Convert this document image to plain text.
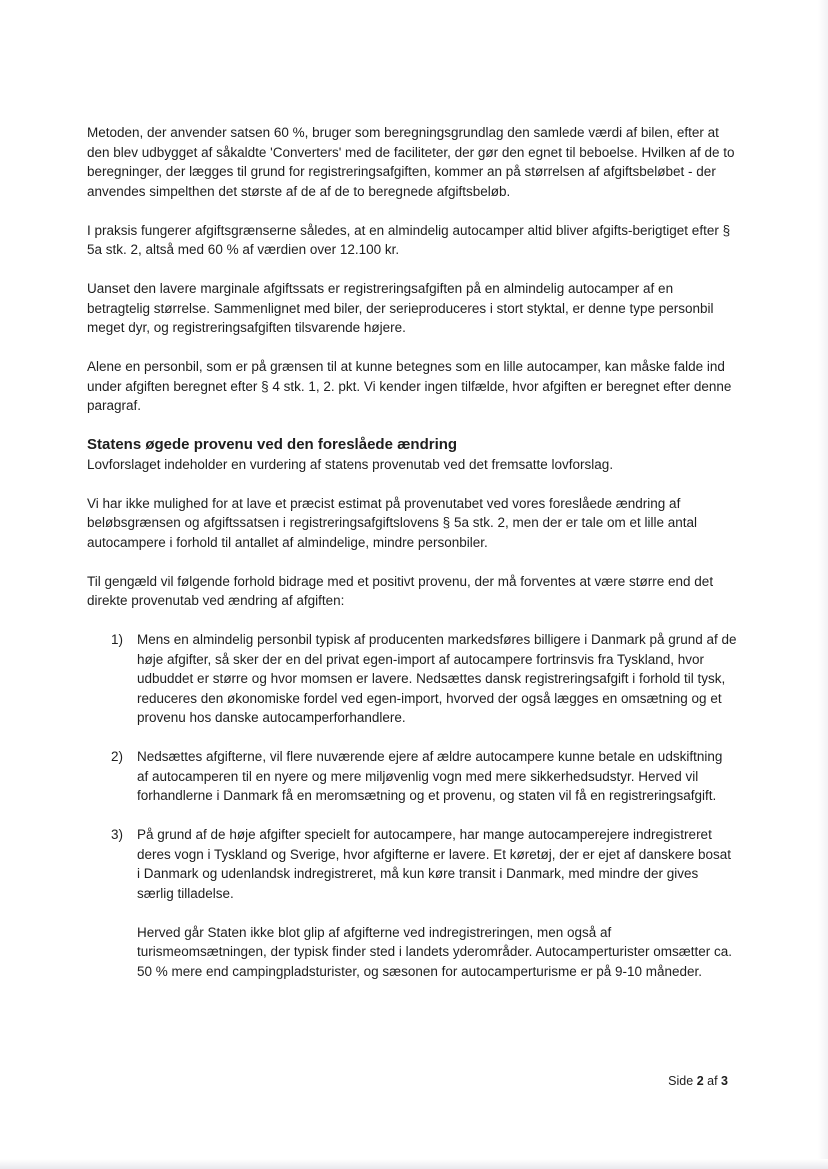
Metoden, der anvender satsen 60 %, bruger som beregningsgrundlag den samlede værdi af bilen, efter at den blev udbygget af såkaldte 'Converters' med de faciliteter, der gør den egnet til beboelse. Hvilken af de to beregninger, der lægges til grund for registreringsafgiften, kommer an på størrelsen af afgiftsbeløbet - der anvendes simpelthen det største af de af de to beregnede afgiftsbeløb.

I praksis fungerer afgiftsgrænserne således, at en almindelig autocamper altid bliver afgifts-berigtiget efter § 5a stk. 2, altså med 60 % af værdien over 12.100 kr.

Uanset den lavere marginale afgiftssats er registreringsafgiften på en almindelig autocamper af en betragtelig størrelse. Sammenlignet med biler, der serieproduceres i stort styktal, er denne type personbil meget dyr, og registreringsafgiften tilsvarende højere.

Alene en personbil, som er på grænsen til at kunne betegnes som en lille autocamper, kan måske falde ind under afgiften beregnet efter § 4 stk. 1, 2. pkt. Vi kender ingen tilfælde, hvor afgiften er beregnet efter denne paragraf.

Statens øgede provenu ved den foreslåede ændring

Lovforslaget indeholder en vurdering af statens provenutab ved det fremsatte lovforslag.

Vi har ikke mulighed for at lave et præcist estimat på provenutabet ved vores foreslåede ændring af beløbsgrænsen og afgiftssatsen i registreringsafgiftslovens § 5a stk. 2, men der er tale om et lille antal autocampere i forhold til antallet af almindelige, mindre personbiler.

Til gengæld vil følgende forhold bidrage med et positivt provenu, der må forventes at være større end det direkte provenutab ved ændring af afgiften:

1) Mens en almindelig personbil typisk af producenten markedsføres billigere i Danmark på grund af de høje afgifter, så sker der en del privat egen-import af autocampere fortrinsvis fra Tyskland, hvor udbuddet er større og hvor momsen er lavere. Nedsættes dansk registreringsafgift i forhold til tysk, reduceres den økonomiske fordel ved egen-import, hvorved der også lægges en omsætning og et provenu hos danske autocamperforhandlere.
2) Nedsættes afgifterne, vil flere nuværende ejere af ældre autocampere kunne betale en udskiftning af autocamperen til en nyere og mere miljøvenlig vogn med mere sikkerhedsudstyr. Herved vil forhandlerne i Danmark få en meromsætning og et provenu, og staten vil få en registreringsafgift.
3) På grund af de høje afgifter specielt for autocampere, har mange autocamperejere indregistreret deres vogn i Tyskland og Sverige, hvor afgifterne er lavere. Et køretøj, der er ejet af danskere bosat i Danmark og udenlandsk indregistreret, må kun køre transit i Danmark, med mindre der gives særlig tilladelse.
Herved går Staten ikke blot glip af afgifterne ved indregistreringen, men også af turismeomsætningen, der typisk finder sted i landets yderområder. Autocamperturister omsætter ca. 50 % mere end campingpladsturister, og sæsonen for autocamperturisme er på 9-10 måneder.
Side 2 af 3
